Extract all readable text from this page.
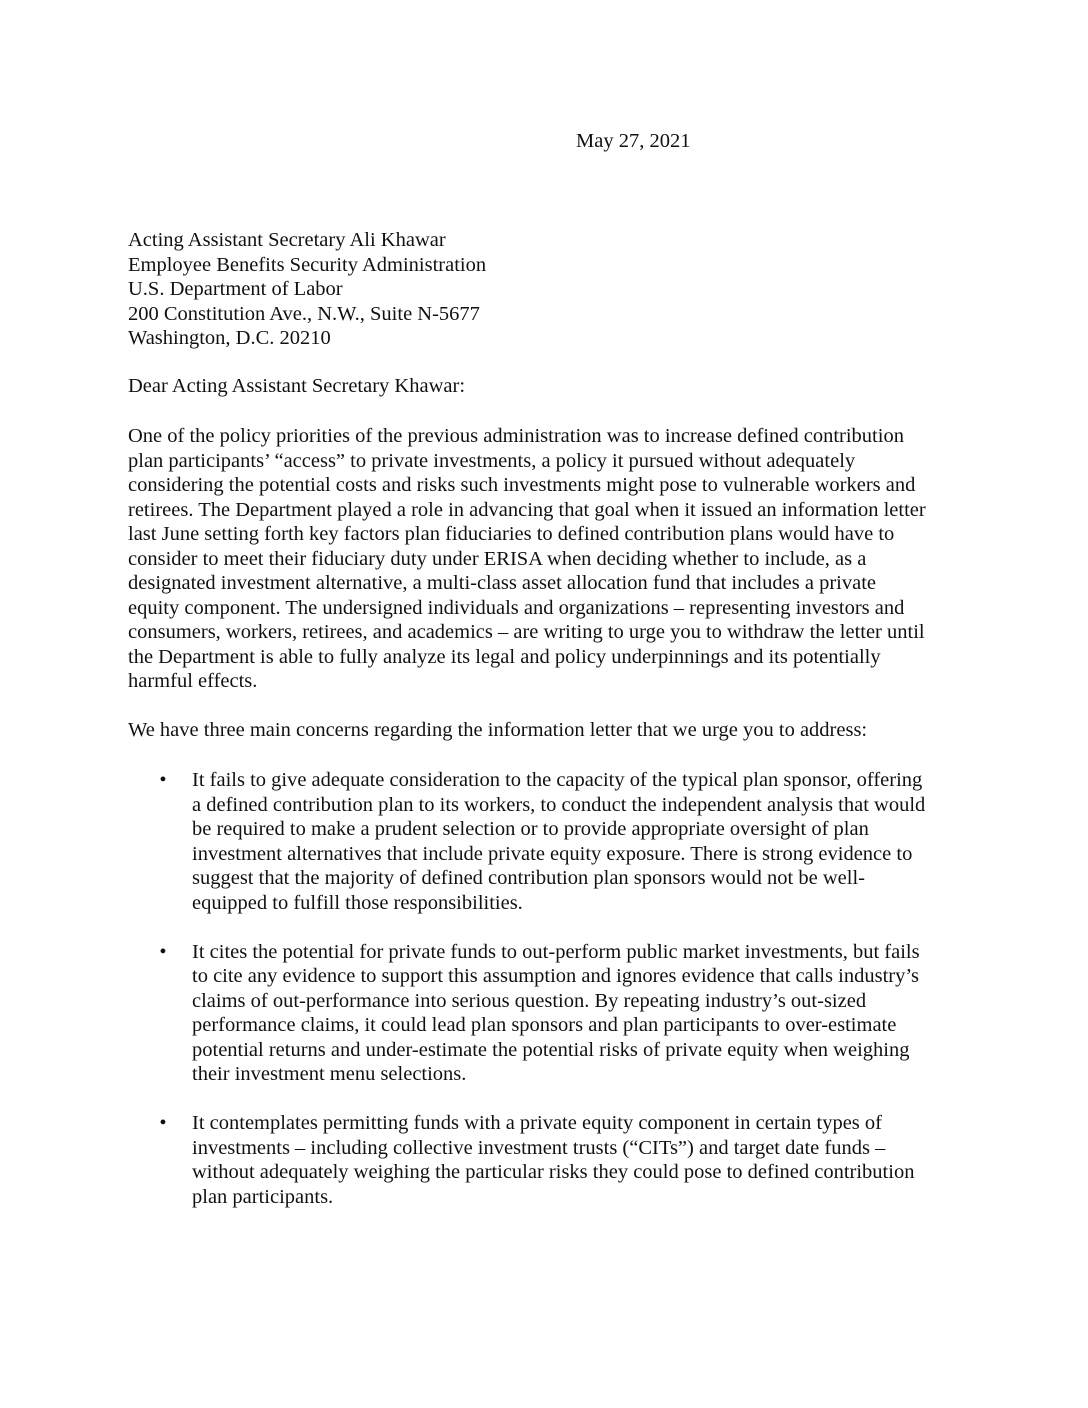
May 27, 2021

Acting Assistant Secretary Ali Khawar
Employee Benefits Security Administration
U.S. Department of Labor
200 Constitution Ave., N.W., Suite N-5677
Washington, D.C. 20210

Dear Acting Assistant Secretary Khawar:

One of the policy priorities of the previous administration was to increase defined contribution
plan participants’ “access” to private investments, a policy it pursued without adequately
considering the potential costs and risks such investments might pose to vulnerable workers and
retirees. The Department played a role in advancing that goal when it issued an information letter
last June setting forth key factors plan fiduciaries to defined contribution plans would have to
consider to meet their fiduciary duty under ERISA when deciding whether to include, as a
designated investment alternative, a multi-class asset allocation fund that includes a private
equity component. The undersigned individuals and organizations – representing investors and
consumers, workers, retirees, and academics – are writing to urge you to withdraw the letter until
the Department is able to fully analyze its legal and policy underpinnings and its potentially
harmful effects.
We have three main concerns regarding the information letter that we urge you to address:
• It fails to give adequate consideration to the capacity of the typical plan sponsor, offering
a defined contribution plan to its workers, to conduct the independent analysis that would
be required to make a prudent selection or to provide appropriate oversight of plan
investment alternatives that include private equity exposure. There is strong evidence to
suggest that the majority of defined contribution plan sponsors would not be well-
equipped to fulfill those responsibilities.
• It cites the potential for private funds to out-perform public market investments, but fails
to cite any evidence to support this assumption and ignores evidence that calls industry’s
claims of out-performance into serious question. By repeating industry’s out-sized
performance claims, it could lead plan sponsors and plan participants to over-estimate
potential returns and under-estimate the potential risks of private equity when weighing
their investment menu selections.
• It contemplates permitting funds with a private equity component in certain types of
investments – including collective investment trusts (“CITs”) and target date funds –
without adequately weighing the particular risks they could pose to defined contribution
plan participants.
